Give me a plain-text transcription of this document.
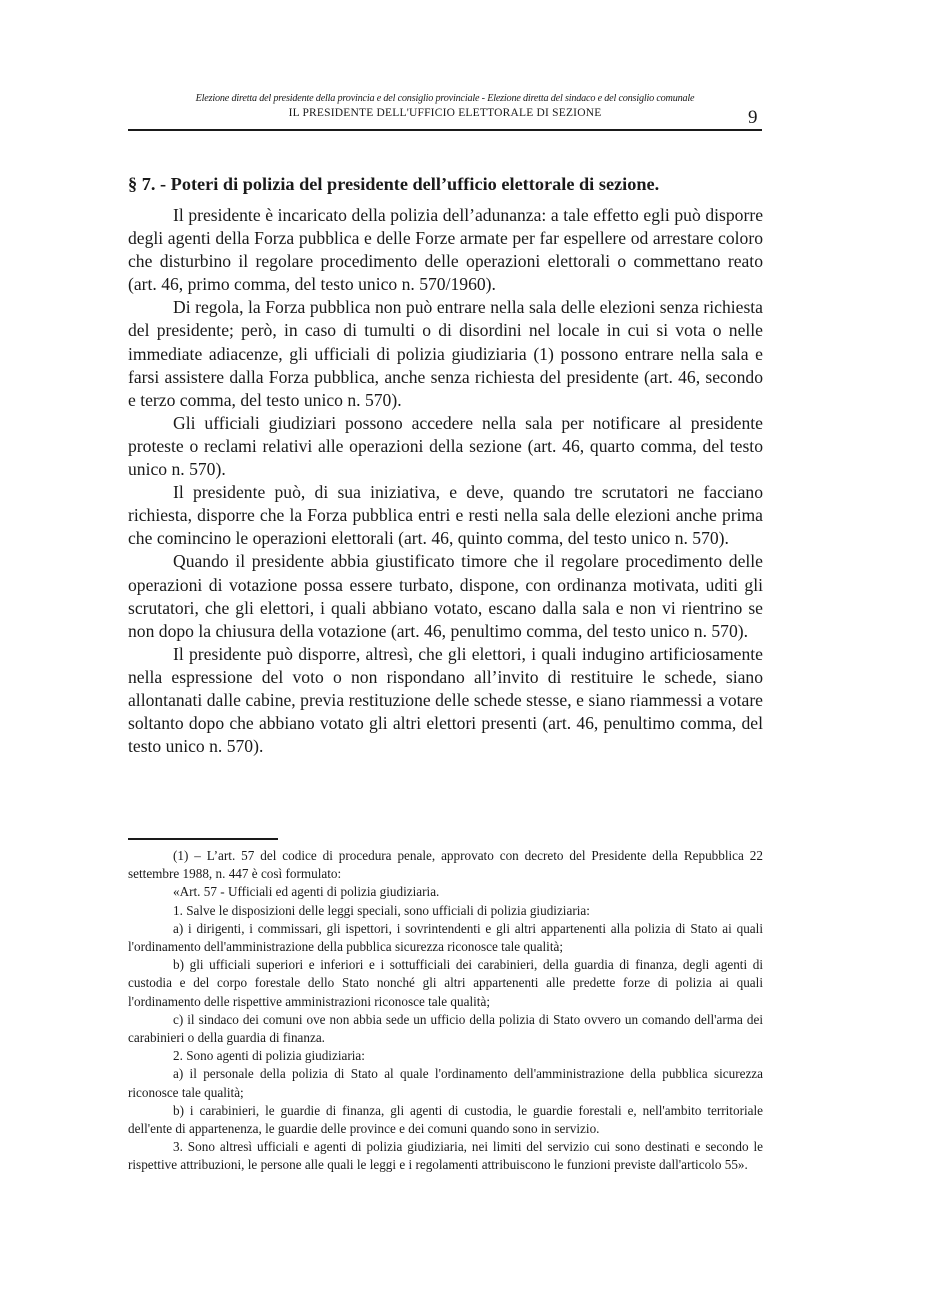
Elezione diretta del presidente della provincia e del consiglio provinciale - Elezione diretta del sindaco e del consiglio comunale
IL PRESIDENTE DELL'UFFICIO ELETTORALE DI SEZIONE	9
§ 7. - Poteri di polizia del presidente dell’ufficio elettorale di sezione.

Il presidente è incaricato della polizia dell’adunanza: a tale effetto egli può disporre degli agenti della Forza pubblica e delle Forze armate per far espellere od arrestare coloro che disturbino il regolare procedimento delle operazioni elettorali o commettano reato (art. 46, primo comma, del testo unico n. 570/1960).

Di regola, la Forza pubblica non può entrare nella sala delle elezioni senza richiesta del presidente; però, in caso di tumulti o di disordini nel locale in cui si vota o nelle immediate adiacenze, gli ufficiali di polizia giudiziaria (1) possono entrare nella sala e farsi assistere dalla Forza pubblica, anche senza richiesta del presidente (art. 46, secondo e terzo comma, del testo unico n. 570).

Gli ufficiali giudiziari possono accedere nella sala per notificare al presidente proteste o reclami relativi alle operazioni della sezione (art. 46, quarto comma, del testo unico n. 570).

Il presidente può, di sua iniziativa, e deve, quando tre scrutatori ne facciano richiesta, disporre che la Forza pubblica entri e resti nella sala delle elezioni anche prima che comincino le operazioni elettorali (art. 46, quinto comma, del testo unico n. 570).

Quando il presidente abbia giustificato timore che il regolare procedimento delle operazioni di votazione possa essere turbato, dispone, con ordinanza motivata, uditi gli scrutatori, che gli elettori, i quali abbiano votato, escano dalla sala e non vi rientrino se non dopo la chiusura della votazione (art. 46, penultimo comma, del testo unico n. 570).

Il presidente può disporre, altresì, che gli elettori, i quali indugino artificiosamente nella espressione del voto o non rispondano all’invito di restituire le schede, siano allontanati dalle cabine, previa restituzione delle schede stesse, e siano riammessi a votare soltanto dopo che abbiano votato gli altri elettori presenti (art. 46, penultimo comma, del testo unico n. 570).

(1) – L’art. 57 del codice di procedura penale, approvato con decreto del Presidente della Repubblica 22 settembre 1988, n. 447 è così formulato:

«Art. 57 - Ufficiali ed agenti di polizia giudiziaria.

1. Salve le disposizioni delle leggi speciali, sono ufficiali di polizia giudiziaria:

a) i dirigenti, i commissari, gli ispettori, i sovrintendenti e gli altri appartenenti alla polizia di Stato ai quali l'ordinamento dell'amministrazione della pubblica sicurezza riconosce tale qualità;

b) gli ufficiali superiori e inferiori e i sottufficiali dei carabinieri, della guardia di finanza, degli agenti di custodia e del corpo forestale dello Stato nonché gli altri appartenenti alle predette forze di polizia ai quali l'ordinamento delle rispettive amministrazioni riconosce tale qualità;

c) il sindaco dei comuni ove non abbia sede un ufficio della polizia di Stato ovvero un comando dell'arma dei carabinieri o della guardia di finanza.

2. Sono agenti di polizia giudiziaria:

a) il personale della polizia di Stato al quale l'ordinamento dell'amministrazione della pubblica sicurezza riconosce tale qualità;

b) i carabinieri, le guardie di finanza, gli agenti di custodia, le guardie forestali e, nell'ambito territoriale dell'ente di appartenenza, le guardie delle province e dei comuni quando sono in servizio.

3. Sono altresì ufficiali e agenti di polizia giudiziaria, nei limiti del servizio cui sono destinati e secondo le rispettive attribuzioni, le persone alle quali le leggi e i regolamenti attribuiscono le funzioni previste dall'articolo 55».
